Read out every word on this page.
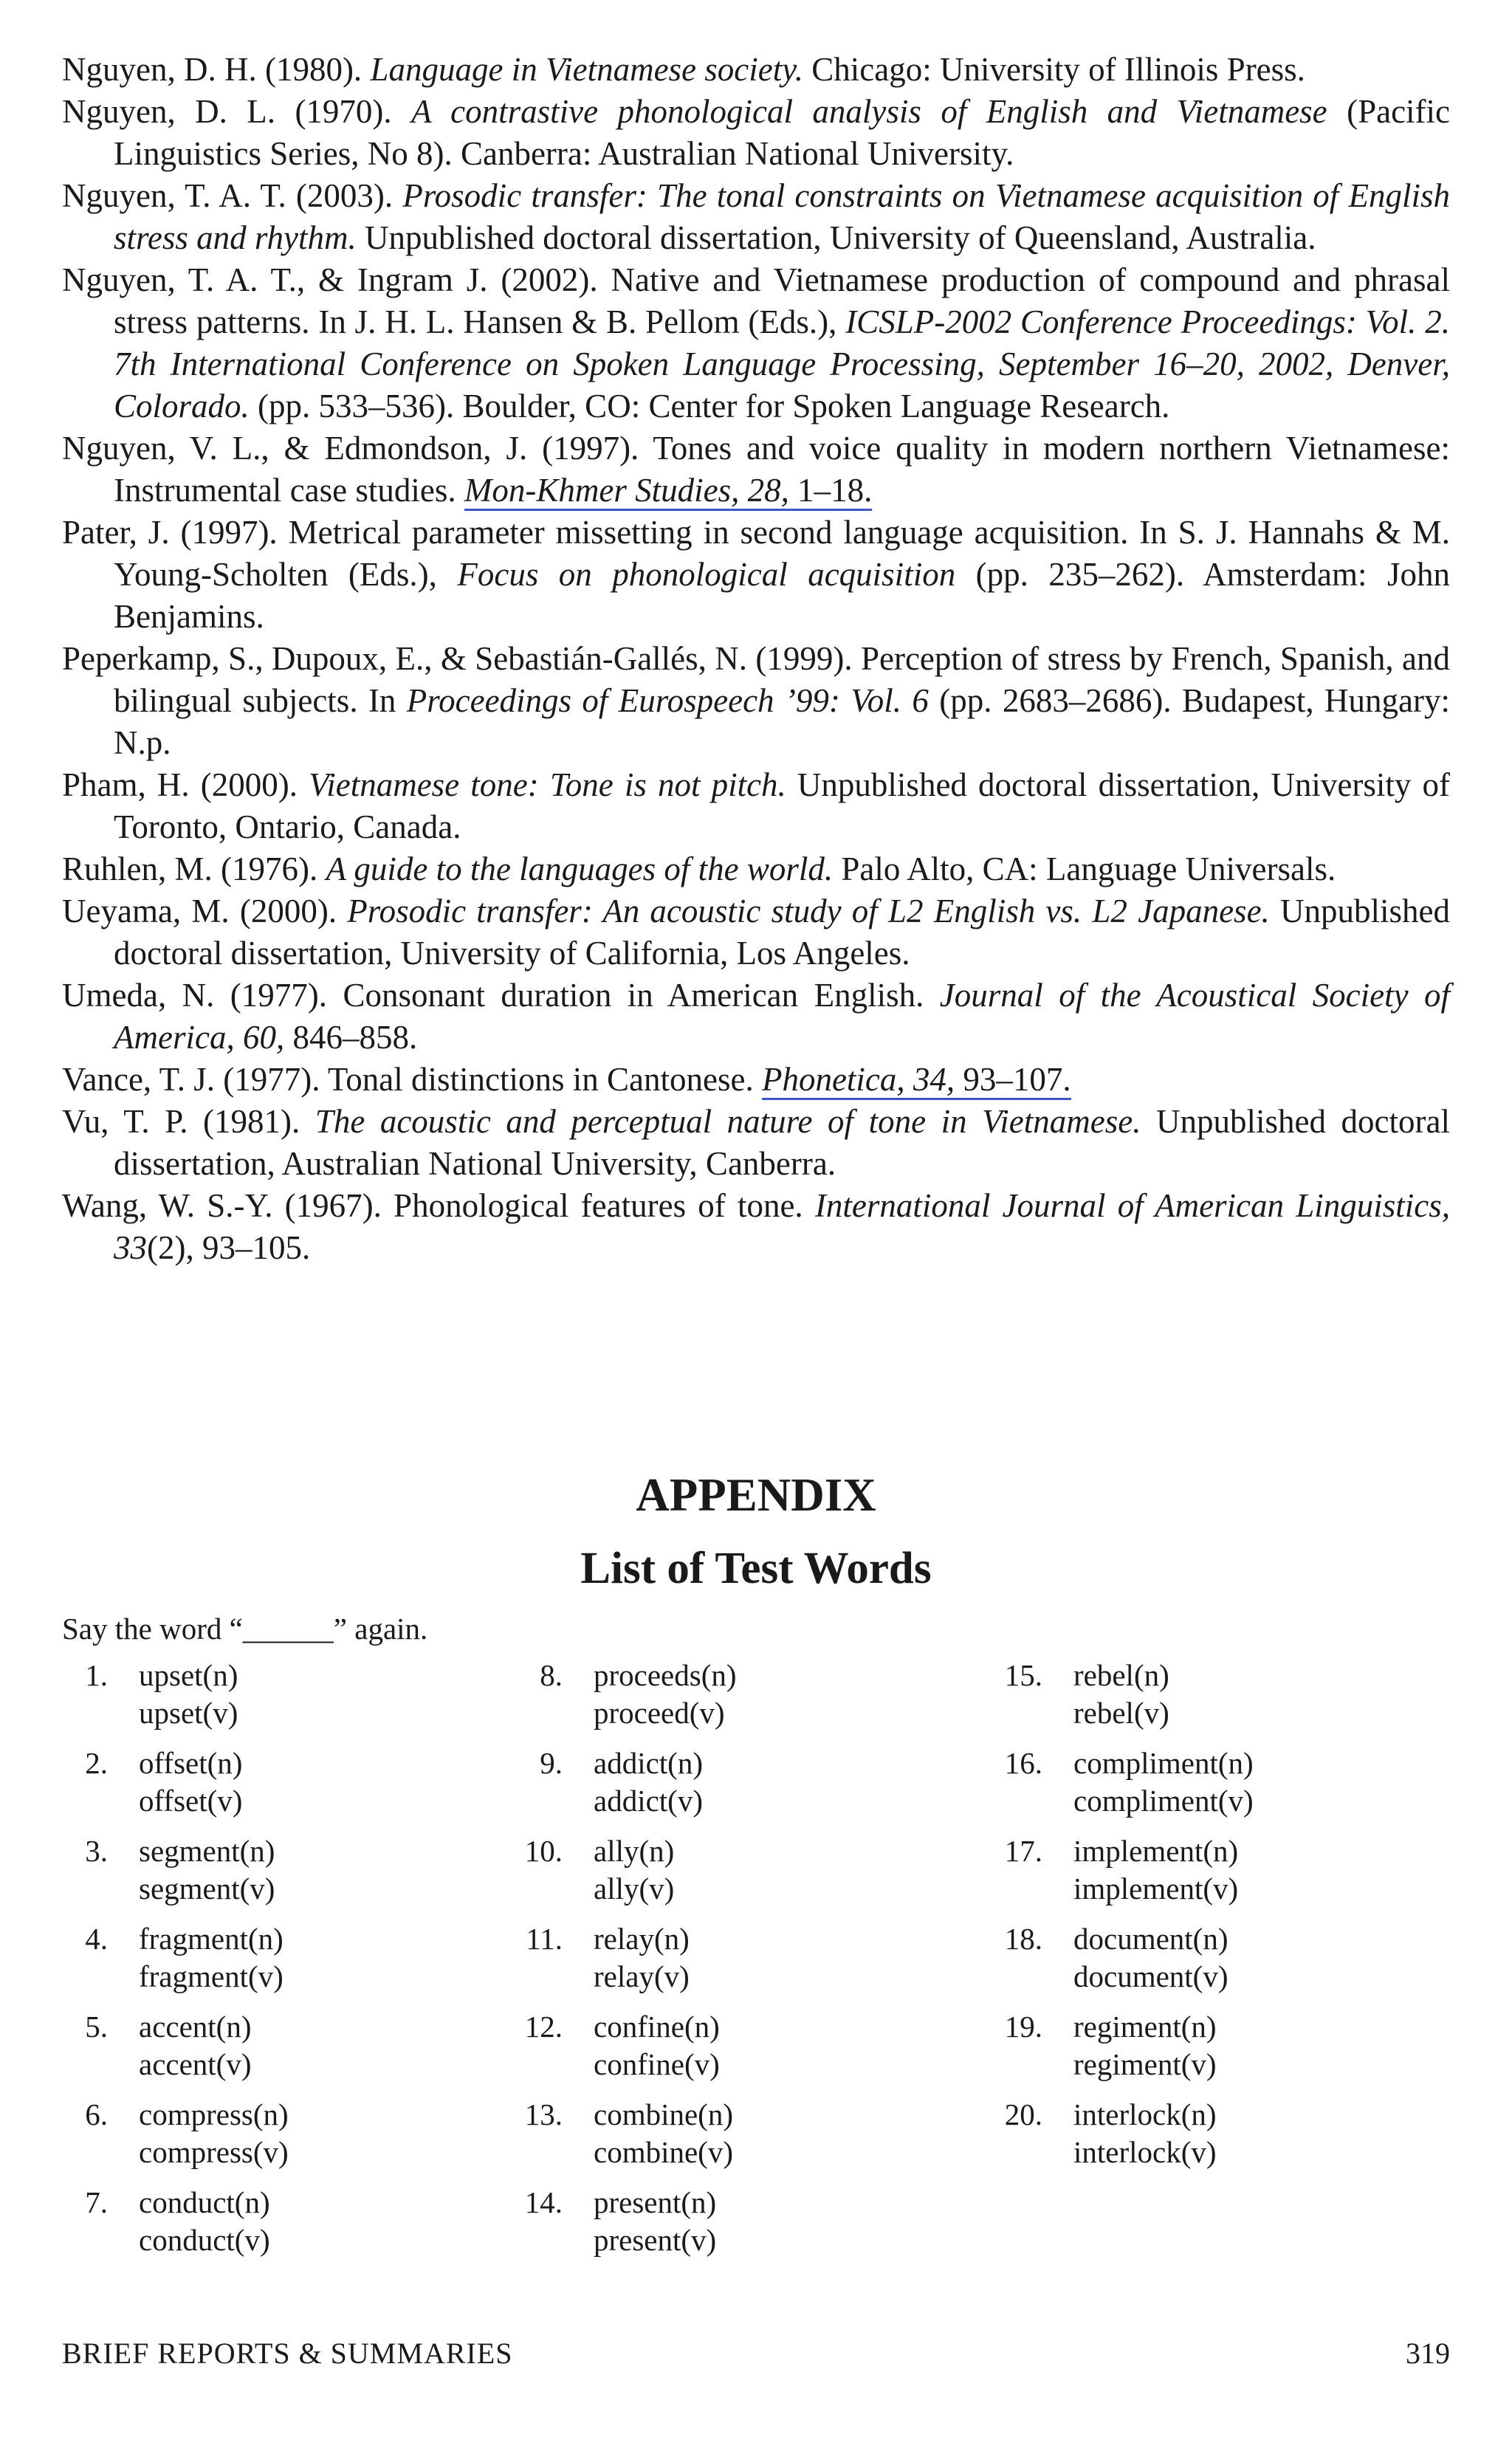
Nguyen, D. H. (1980). Language in Vietnamese society. Chicago: University of Illinois Press.
Nguyen, D. L. (1970). A contrastive phonological analysis of English and Vietnamese (Pacific Linguistics Series, No 8). Canberra: Australian National University.
Nguyen, T. A. T. (2003). Prosodic transfer: The tonal constraints on Vietnamese acquisition of English stress and rhythm. Unpublished doctoral dissertation, University of Queensland, Australia.
Nguyen, T. A. T., & Ingram J. (2002). Native and Vietnamese production of compound and phrasal stress patterns. In J. H. L. Hansen & B. Pellom (Eds.), ICSLP-2002 Conference Proceedings: Vol. 2. 7th International Conference on Spoken Language Processing, September 16–20, 2002, Denver, Colorado. (pp. 533–536). Boulder, CO: Center for Spoken Language Research.
Nguyen, V. L., & Edmondson, J. (1997). Tones and voice quality in modern northern Vietnamese: Instrumental case studies. Mon-Khmer Studies, 28, 1–18.
Pater, J. (1997). Metrical parameter missetting in second language acquisition. In S. J. Hannahs & M. Young-Scholten (Eds.), Focus on phonological acquisition (pp. 235–262). Amsterdam: John Benjamins.
Peperkamp, S., Dupoux, E., & Sebastián-Gallés, N. (1999). Perception of stress by French, Spanish, and bilingual subjects. In Proceedings of Eurospeech ’99: Vol. 6 (pp. 2683–2686). Budapest, Hungary: N.p.
Pham, H. (2000). Vietnamese tone: Tone is not pitch. Unpublished doctoral dissertation, University of Toronto, Ontario, Canada.
Ruhlen, M. (1976). A guide to the languages of the world. Palo Alto, CA: Language Universals.
Ueyama, M. (2000). Prosodic transfer: An acoustic study of L2 English vs. L2 Japanese. Unpublished doctoral dissertation, University of California, Los Angeles.
Umeda, N. (1977). Consonant duration in American English. Journal of the Acoustical Society of America, 60, 846–858.
Vance, T. J. (1977). Tonal distinctions in Cantonese. Phonetica, 34, 93–107.
Vu, T. P. (1981). The acoustic and perceptual nature of tone in Vietnamese. Unpublished doctoral dissertation, Australian National University, Canberra.
Wang, W. S.-Y. (1967). Phonological features of tone. International Journal of American Linguistics, 33(2), 93–105.
APPENDIX
List of Test Words
Say the word “______” again.
1. upset(n)
upset(v)
2. offset(n)
offset(v)
3. segment(n)
segment(v)
4. fragment(n)
fragment(v)
5. accent(n)
accent(v)
6. compress(n)
compress(v)
7. conduct(n)
conduct(v)
8. proceeds(n)
proceed(v)
9. addict(n)
addict(v)
10. ally(n)
ally(v)
11. relay(n)
relay(v)
12. confine(n)
confine(v)
13. combine(n)
combine(v)
14. present(n)
present(v)
15. rebel(n)
rebel(v)
16. compliment(n)
compliment(v)
17. implement(n)
implement(v)
18. document(n)
document(v)
19. regiment(n)
regiment(v)
20. interlock(n)
interlock(v)
BRIEF REPORTS & SUMMARIES	319
